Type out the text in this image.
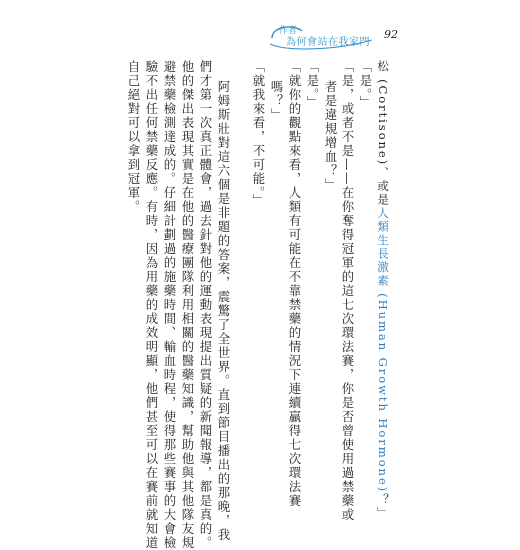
作者
為何會站在我家門
92

松 (Cortisone)、或是人類生長激素 (Human Growth Hormone)？」

「是。」

「是，或者不是——在你奪得冠軍的這七次環法賽，你是否曾使用過禁藥或

者是違規增血？」

「是。」

「就你的觀點來看，人類有可能在不靠禁藥的情況下連續贏得七次環法賽

嗎？」

「就我來看，不可能。」

阿姆斯壯對這六個是非題的答案，震驚了全世界。直到節目播出的那晚，我

們才第一次真正體會，過去針對他的運動表現提出質疑的新聞報導，都是真的。

他的傑出表現其實是在他的醫療團隊利用相關的醫藥知識，幫助他與其他隊友規

避禁藥檢測達成的。仔細計劃過的施藥時間、輸血時程，使得那些賽事的大會檢

驗不出任何禁藥反應。有時，因為用藥的成效明顯，他們甚至可以在賽前就知道

自己絕對可以拿到冠軍。
